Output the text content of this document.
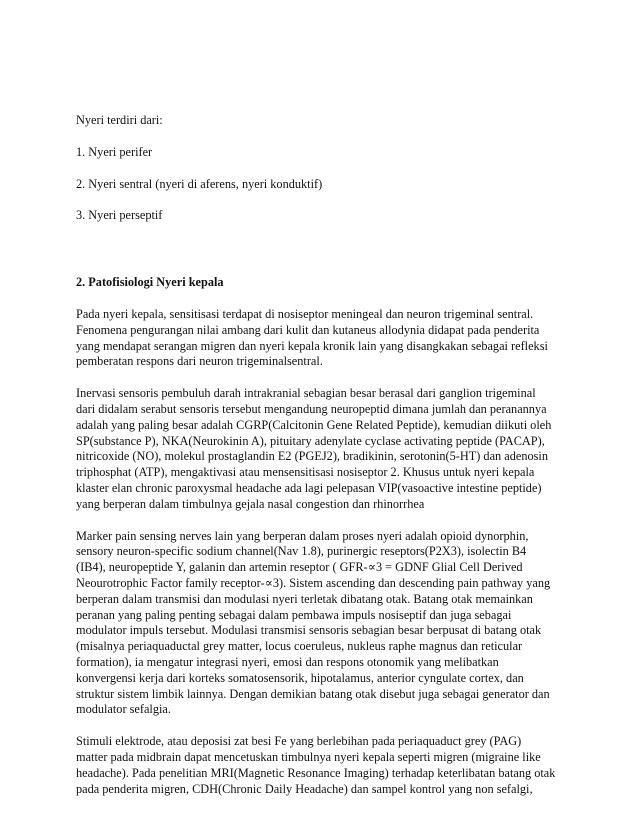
Nyeri terdiri dari:

1. Nyeri perifer

2. Nyeri sentral (nyeri di aferens, nyeri konduktif)

3. Nyeri perseptif

2. Patofisiologi Nyeri kepala

Pada nyeri kepala, sensitisasi terdapat di nosiseptor meningeal dan neuron trigeminal sentral.

Fenomena pengurangan nilai ambang dari kulit dan kutaneus allodynia didapat pada penderita

yang mendapat serangan migren dan nyeri kepala kronik lain yang disangkakan sebagai refleksi

pemberatan respons dari neuron trigeminalsentral.

Inervasi sensoris pembuluh darah intrakranial sebagian besar berasal dari ganglion trigeminal

dari didalam serabut sensoris tersebut mengandung neuropeptid dimana jumlah dan peranannya

adalah yang paling besar adalah CGRP(Calcitonin Gene Related Peptide), kemudian diikuti oleh

SP(substance P), NKA(Neurokinin A), pituitary adenylate cyclase activating peptide (PACAP),

nitricoxide (NO), molekul prostaglandin E2 (PGEJ2), bradikinin, serotonin(5-HT) dan adenosin

triphosphat (ATP), mengaktivasi atau mensensitisasi nosiseptor 2. Khusus untuk nyeri kepala

klaster elan chronic paroxysmal headache ada lagi pelepasan VIP(vasoactive intestine peptide)

yang berperan dalam timbulnya gejala nasal congestion dan rhinorrhea

Marker pain sensing nerves lain yang berperan dalam proses nyeri adalah opioid dynorphin,

sensory neuron-specific sodium channel(Nav 1.8), purinergic reseptors(P2X3), isolectin B4

(IB4), neuropeptide Y, galanin dan artemin reseptor ( GFR-∝3 = GDNF Glial Cell Derived

Neourotrophic Factor family receptor-∝3). Sistem ascending dan descending pain pathway yang

berperan dalam transmisi dan modulasi nyeri terletak dibatang otak. Batang otak memainkan

peranan yang paling penting sebagai dalam pembawa impuls nosiseptif dan juga sebagai

modulator impuls tersebut. Modulasi transmisi sensoris sebagian besar berpusat di batang otak

(misalnya periaquaductal grey matter, locus coeruleus, nukleus raphe magnus dan reticular

formation), ia mengatur integrasi nyeri, emosi dan respons otonomik yang melibatkan

konvergensi kerja dari korteks somatosensorik, hipotalamus, anterior cyngulate cortex, dan

struktur sistem limbik lainnya. Dengan demikian batang otak disebut juga sebagai generator dan

modulator sefalgia.

Stimuli elektrode, atau deposisi zat besi Fe yang berlebihan pada periaquaduct grey (PAG)

matter pada midbrain dapat mencetuskan timbulnya nyeri kepala seperti migren (migraine like

headache). Pada penelitian MRI(Magnetic Resonance Imaging) terhadap keterlibatan batang otak

pada penderita migren, CDH(Chronic Daily Headache) dan sampel kontrol yang non sefalgi,
